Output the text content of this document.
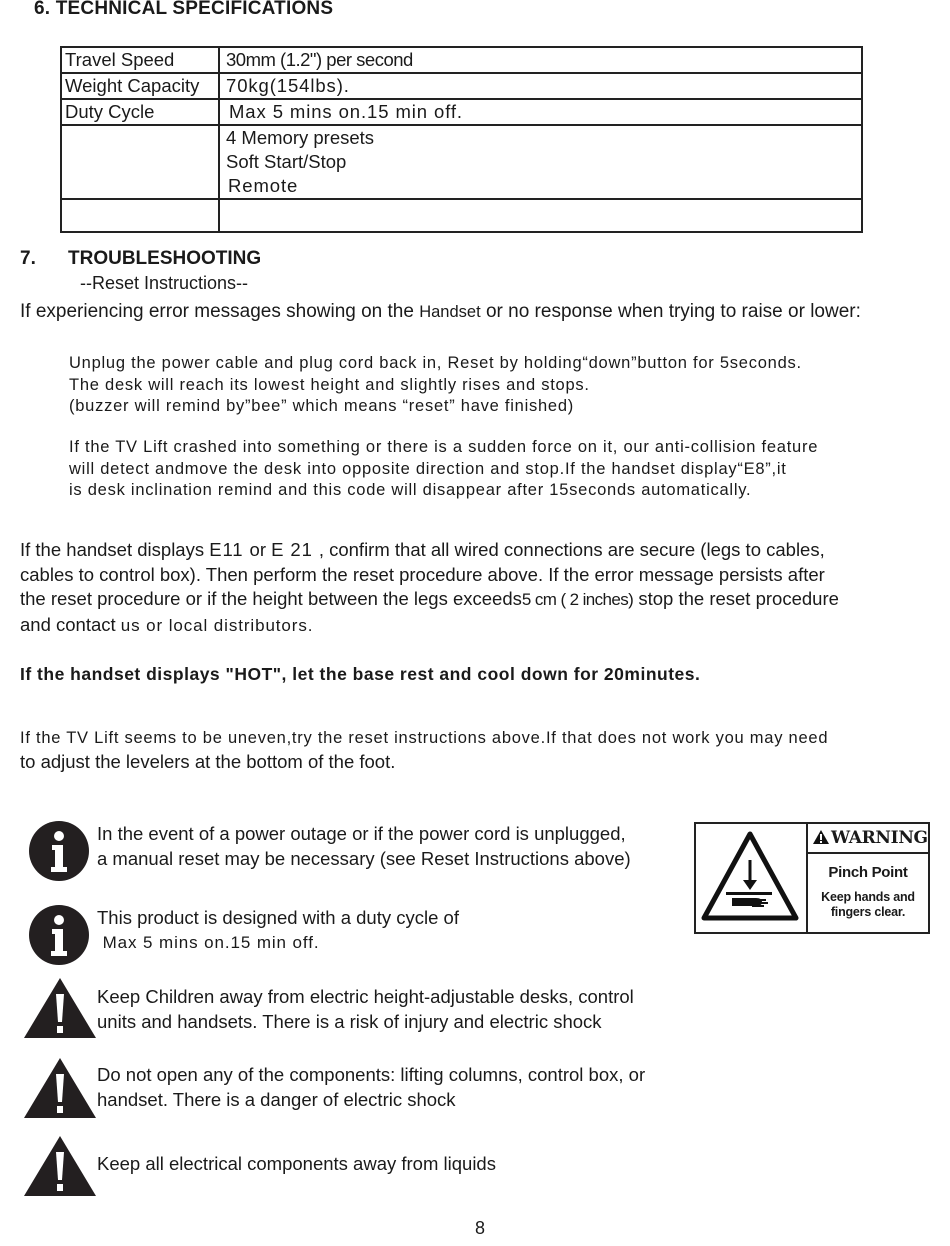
6. TECHNICAL SPECIFICATIONS
Travel Speed	30mm (1.2") per second
Weight Capacity	70kg(154lbs).
Duty Cycle	Max 5 mins on.15 min off.

	4 Memory presets
Soft Start/Stop
Remote

7. TROUBLESHOOTING
--Reset Instructions--
If experiencing error messages showing on the Handset or no response when trying to raise or lower:
Unplug the power cable and plug cord back in, Reset by holding“down”button for 5seconds.
The desk will reach its lowest height and slightly rises and stops.
(buzzer will remind by”bee” which means “reset” have finished)
If the TV Lift crashed into something or there is a sudden force on it, our anti-collision feature
will detect andmove the desk into opposite direction and stop.If the handset display“E8”,it
is desk inclination remind and this code will disappear after 15seconds automatically.
If the handset displays E11 or E 21 , confirm that all wired connections are secure (legs to cables,
cables to control box). Then perform the reset procedure above. If the error message persists after
the reset procedure or if the height between the legs exceeds5 cm ( 2 inches) stop the reset procedure
and contact us or local distributors.
If the handset displays "HOT", let the base rest and cool down for 20minutes.
If the TV Lift seems to be uneven,try the reset instructions above.If that does not work you may need
to adjust the levelers at the bottom of the foot.
In the event of a power outage or if the power cord is unplugged,
a manual reset may be necessary (see Reset Instructions above)
This product is designed with a duty cycle of
Max 5 mins on.15 min off.
Keep Children away from electric height-adjustable desks, control
units and handsets. There is a risk of injury and electric shock
Do not open any of the components: lifting columns, control box, or
handset. There is a danger of electric shock
Keep all electrical components away from liquids
WARNING
Pinch Point
Keep hands and fingers clear.
8
